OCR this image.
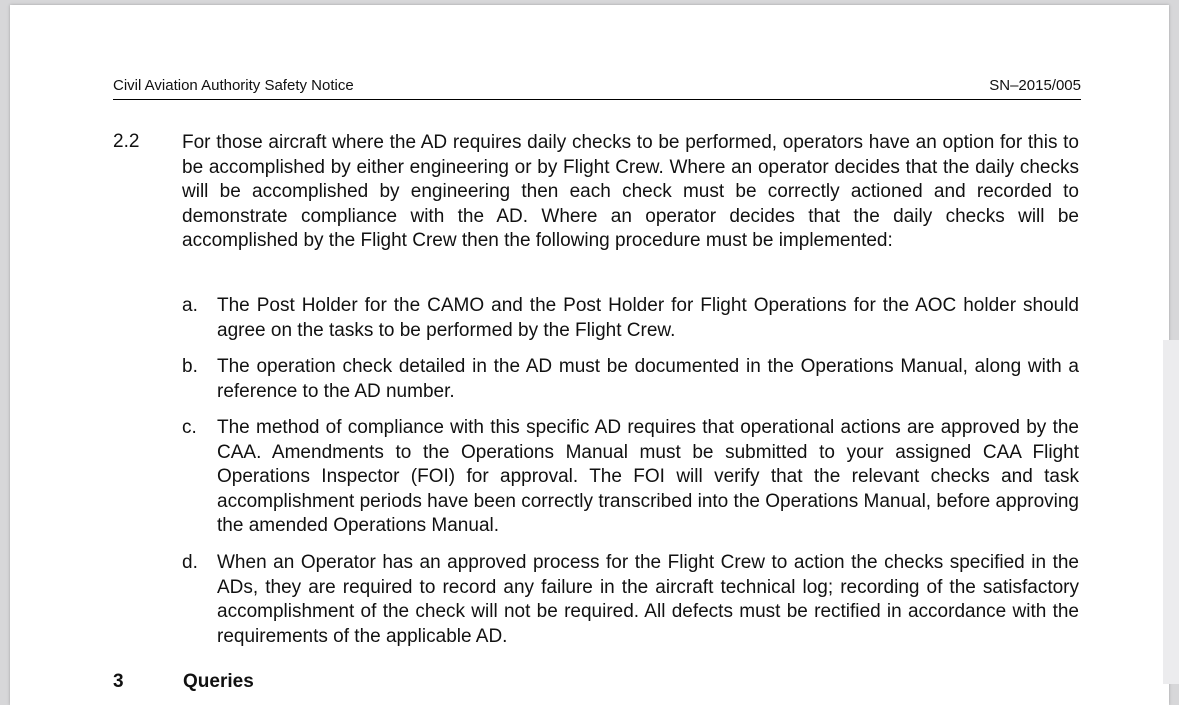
Civil Aviation Authority Safety Notice	SN–2015/005
2.2 For those aircraft where the AD requires daily checks to be performed, operators have an option for this to be accomplished by either engineering or by Flight Crew. Where an operator decides that the daily checks will be accomplished by engineering then each check must be correctly actioned and recorded to demonstrate compliance with the AD. Where an operator decides that the daily checks will be accomplished by the Flight Crew then the following procedure must be implemented:
a. The Post Holder for the CAMO and the Post Holder for Flight Operations for the AOC holder should agree on the tasks to be performed by the Flight Crew.
b. The operation check detailed in the AD must be documented in the Operations Manual, along with a reference to the AD number.
c. The method of compliance with this specific AD requires that operational actions are approved by the CAA. Amendments to the Operations Manual must be submitted to your assigned CAA Flight Operations Inspector (FOI) for approval. The FOI will verify that the relevant checks and task accomplishment periods have been correctly transcribed into the Operations Manual, before approving the amended Operations Manual.
d. When an Operator has an approved process for the Flight Crew to action the checks specified in the ADs, they are required to record any failure in the aircraft technical log; recording of the satisfactory accomplishment of the check will not be required. All defects must be rectified in accordance with the requirements of the applicable AD.
3	Queries
